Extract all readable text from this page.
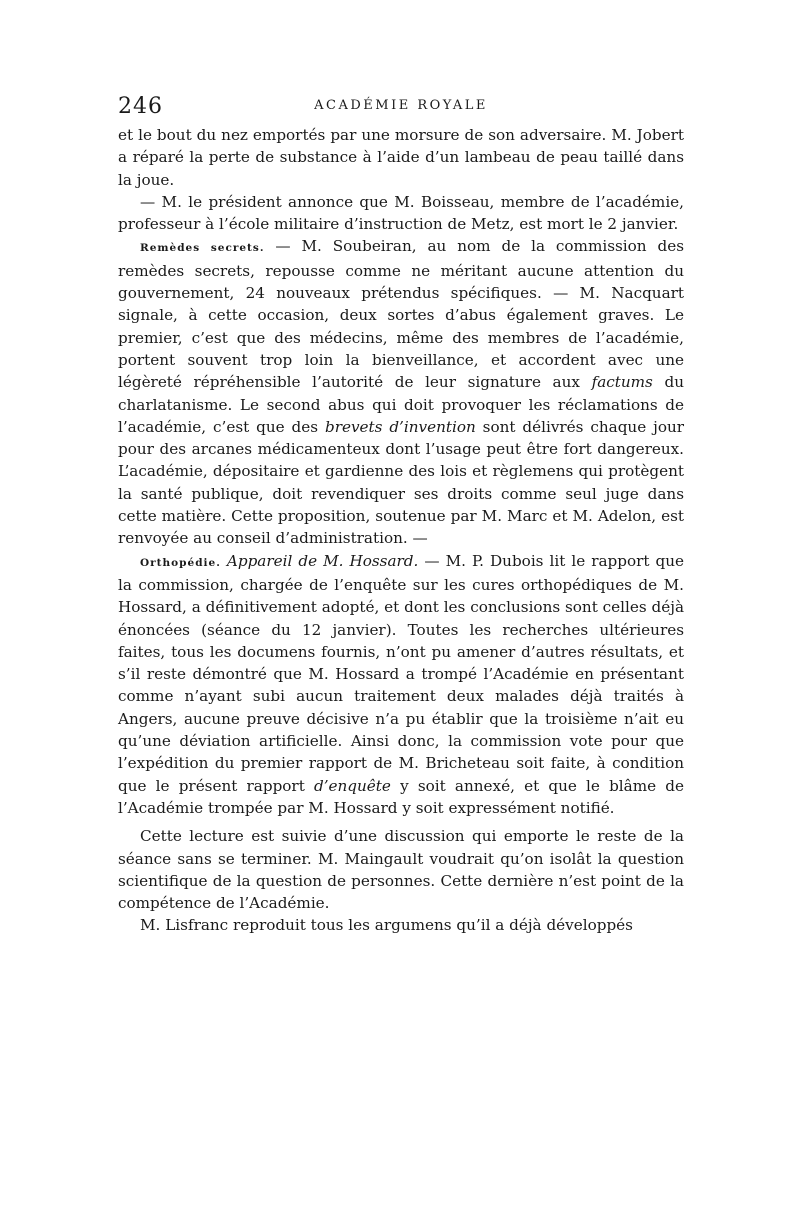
246	ACADÉMIE ROYALE

et le bout du nez emportés par une morsure de son adversaire. M. Jobert a réparé la perte de substance à l’aide d’un lambeau de peau taillé dans la joue.

— M. le président annonce que M. Boisseau, membre de l’académie, professeur à l’école militaire d’instruction de Metz, est mort le 2 janvier.

Remèdes secrets. — M. Soubeiran, au nom de la commission des remèdes secrets, repousse comme ne méritant aucune attention du gouvernement, 24 nouveaux prétendus spécifiques. — M. Nacquart signale, à cette occasion, deux sortes d’abus également graves. Le premier, c’est que des médecins, même des membres de l’académie, portent souvent trop loin la bienveillance, et accordent avec une légèreté répréhensible l’autorité de leur signature aux factums du charlatanisme. Le second abus qui doit provoquer les réclamations de l’académie, c’est que des brevets d’invention sont délivrés chaque jour pour des arcanes médicamenteux dont l’usage peut être fort dangereux. L’académie, dépositaire et gardienne des lois et règlemens qui protègent la santé publique, doit revendiquer ses droits comme seul juge dans cette matière. Cette proposition, soutenue par M. Marc et M. Adelon, est renvoyée au conseil d’administration. —

Orthopédie. Appareil de M. Hossard. — M. P. Dubois lit le rapport que la commission, chargée de l’enquête sur les cures orthopédiques de M. Hossard, a définitivement adopté, et dont les conclusions sont celles déjà énoncées (séance du 12 janvier). Toutes les recherches ultérieures faites, tous les documens fournis, n’ont pu amener d’autres résultats, et s’il reste démontré que M. Hossard a trompé l’Académie en présentant comme n’ayant subi aucun traitement deux malades déjà traités à Angers, aucune preuve décisive n’a pu établir que la troisième n’ait eu qu’une déviation artificielle. Ainsi donc, la commission vote pour que l’expédition du premier rapport de M. Bricheteau soit faite, à condition que le présent rapport d’enquête y soit annexé, et que le blâme de l’Académie trompée par M. Hossard y soit expressément notifié.

Cette lecture est suivie d’une discussion qui emporte le reste de la séance sans se terminer. M. Maingault voudrait qu’on isolât la question scientifique de la question de personnes. Cette dernière n’est point de la compétence de l’Académie.

M. Lisfranc reproduit tous les argumens qu’il a déjà développés
